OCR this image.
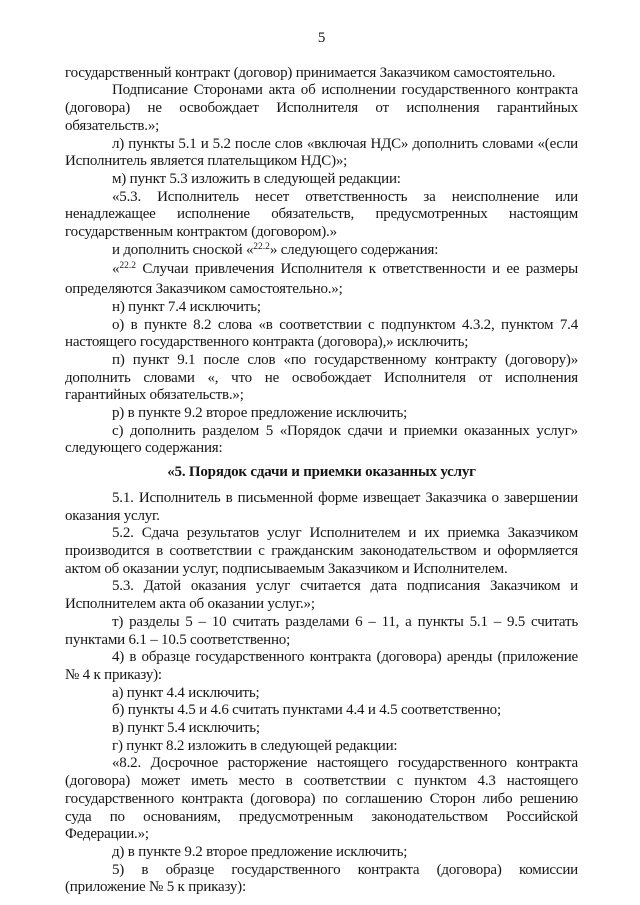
5

государственный контракт (договор) принимается Заказчиком самостоятельно.

Подписание Сторонами акта об исполнении государственного контракта (договора) не освобождает Исполнителя от исполнения гарантийных обязательств.»;

л) пункты 5.1 и 5.2 после слов «включая НДС» дополнить словами «(если Исполнитель является плательщиком НДС)»;

м) пункт 5.3 изложить в следующей редакции:

«5.3. Исполнитель несет ответственность за неисполнение или ненадлежащее исполнение обязательств, предусмотренных настоящим государственным контрактом (договором).»

и дополнить сноской «$^{22.2}$» следующего содержания:

«$^{22.2}$ Случаи привлечения Исполнителя к ответственности и ее размеры определяются Заказчиком самостоятельно.»;

н) пункт 7.4 исключить;

о) в пункте 8.2 слова «в соответствии с подпунктом 4.3.2, пунктом 7.4 настоящего государственного контракта (договора),» исключить;

п) пункт 9.1 после слов «по государственному контракту (договору)» дополнить словами «, что не освобождает Исполнителя от исполнения гарантийных обязательств.»;

р) в пункте 9.2 второе предложение исключить;

с) дополнить разделом 5 «Порядок сдачи и приемки оказанных услуг» следующего содержания:

«5. Порядок сдачи и приемки оказанных услуг

5.1. Исполнитель в письменной форме извещает Заказчика о завершении оказания услуг.

5.2. Сдача результатов услуг Исполнителем и их приемка Заказчиком производится в соответствии с гражданским законодательством и оформляется актом об оказании услуг, подписываемым Заказчиком и Исполнителем.

5.3. Датой оказания услуг считается дата подписания Заказчиком и Исполнителем акта об оказании услуг.»;

т) разделы 5 – 10 считать разделами 6 – 11, а пункты 5.1 – 9.5 считать пунктами 6.1 – 10.5 соответственно;

4) в образце государственного контракта (договора) аренды (приложение № 4 к приказу):

а) пункт 4.4 исключить;

б) пункты 4.5 и 4.6 считать пунктами 4.4 и 4.5 соответственно;

в) пункт 5.4 исключить;

г) пункт 8.2 изложить в следующей редакции:

«8.2. Досрочное расторжение настоящего государственного контракта (договора) может иметь место в соответствии с пунктом 4.3 настоящего государственного контракта (договора) по соглашению Сторон либо решению суда по основаниям, предусмотренным законодательством Российской Федерации.»;

д) в пункте 9.2 второе предложение исключить;

5) в образце государственного контракта (договора) комиссии (приложение № 5 к приказу):
